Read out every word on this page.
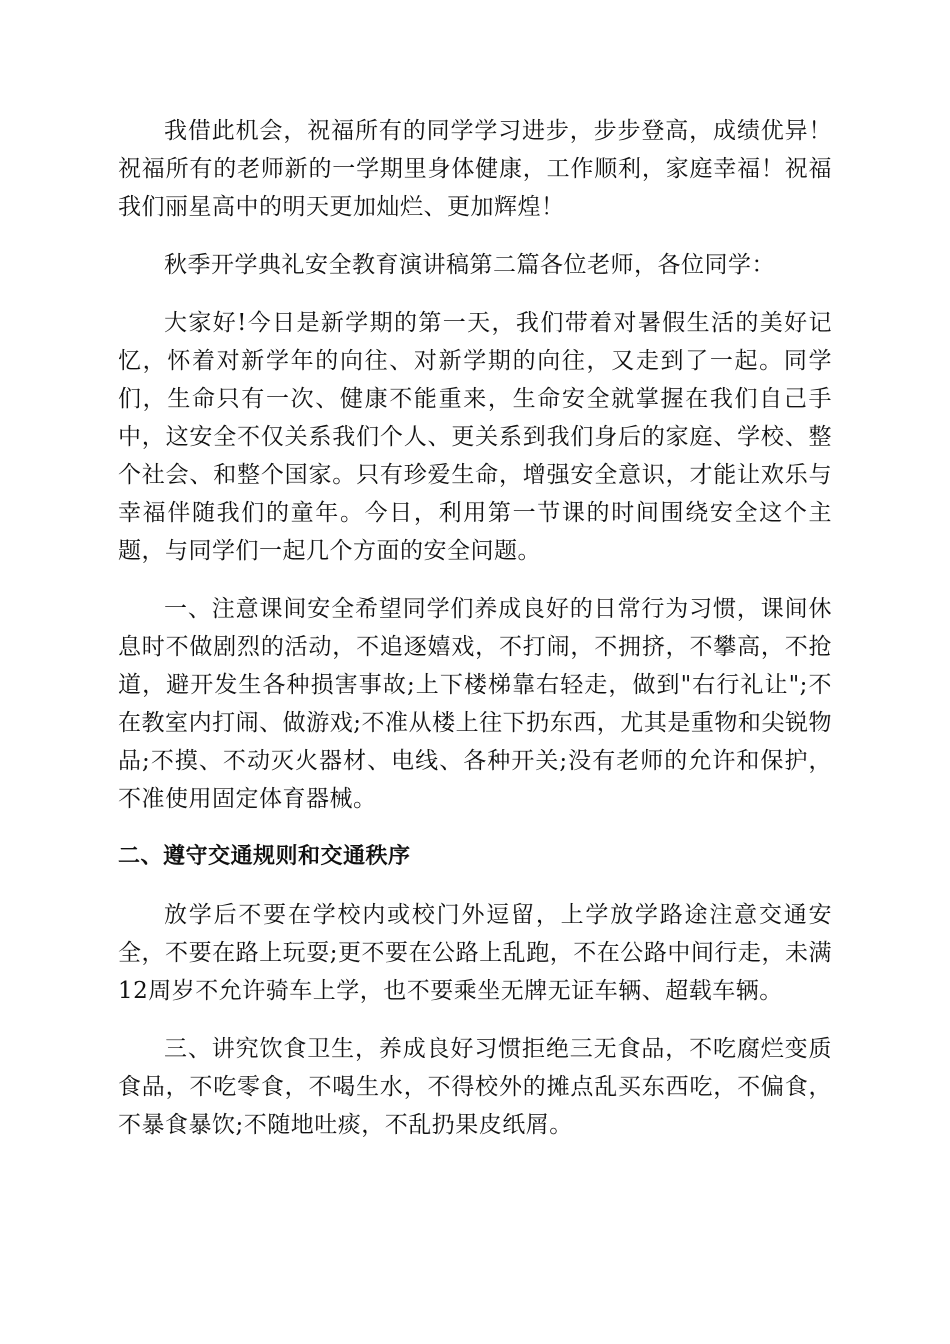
我借此机会，祝福所有的同学学习进步，步步登高，成绩优异！祝福所有的老师新的一学期里身体健康，工作顺利，家庭幸福！祝福我们丽星高中的明天更加灿烂、更加辉煌！

秋季开学典礼安全教育演讲稿第二篇各位老师，各位同学：

大家好!今日是新学期的第一天，我们带着对暑假生活的美好记忆，怀着对新学年的向往、对新学期的向往，又走到了一起。同学们，生命只有一次、健康不能重来，生命安全就掌握在我们自己手中，这安全不仅关系我们个人、更关系到我们身后的家庭、学校、整个社会、和整个国家。只有珍爱生命，增强安全意识，才能让欢乐与幸福伴随我们的童年。今日，利用第一节课的时间围绕安全这个主题，与同学们一起几个方面的安全问题。

一、注意课间安全希望同学们养成良好的日常行为习惯，课间休息时不做剧烈的活动，不追逐嬉戏，不打闹，不拥挤，不攀高，不抢道，避开发生各种损害事故;上下楼梯靠右轻走，做到"右行礼让";不在教室内打闹、做游戏;不准从楼上往下扔东西，尤其是重物和尖锐物品;不摸、不动灭火器材、电线、各种开关;没有老师的允许和保护，不准使用固定体育器械。

二、遵守交通规则和交通秩序

放学后不要在学校内或校门外逗留，上学放学路途注意交通安全，不要在路上玩耍;更不要在公路上乱跑，不在公路中间行走，未满12周岁不允许骑车上学，也不要乘坐无牌无证车辆、超载车辆。

三、讲究饮食卫生，养成良好习惯拒绝三无食品，不吃腐烂变质食品，不吃零食，不喝生水，不得校外的摊点乱买东西吃，不偏食，不暴食暴饮;不随地吐痰，不乱扔果皮纸屑。
